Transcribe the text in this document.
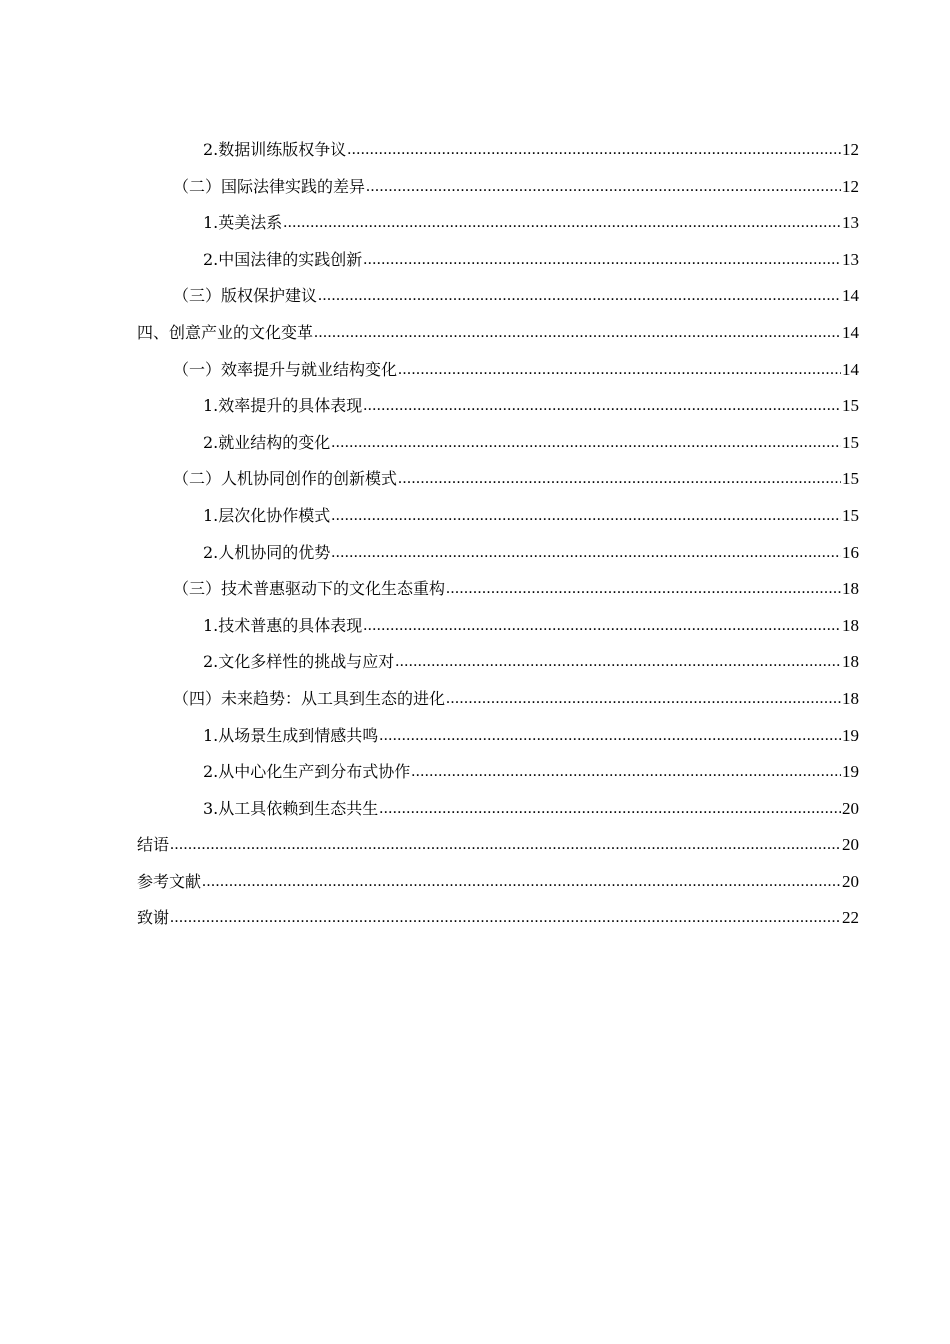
2.数据训练版权争议 .....	12
（二）国际法律实践的差异 .....	12
1.英美法系 .....	13
2.中国法律的实践创新 .....	13
（三）版权保护建议 .....	14
四、创意产业的文化变革 .....	14
（一）效率提升与就业结构变化 .....	14
1.效率提升的具体表现 .....	15
2.就业结构的变化 .....	15
（二）人机协同创作的创新模式 .....	15
1.层次化协作模式 .....	15
2.人机协同的优势 .....	16
（三）技术普惠驱动下的文化生态重构 .....	18
1.技术普惠的具体表现 .....	18
2.文化多样性的挑战与应对 .....	18
（四）未来趋势：从工具到生态的进化 .....	18
1.从场景生成到情感共鸣 .....	19
2.从中心化生产到分布式协作 .....	19
3.从工具依赖到生态共生 .....	20
结语 .....	20
参考文献 .....	20
致谢 .....	22
